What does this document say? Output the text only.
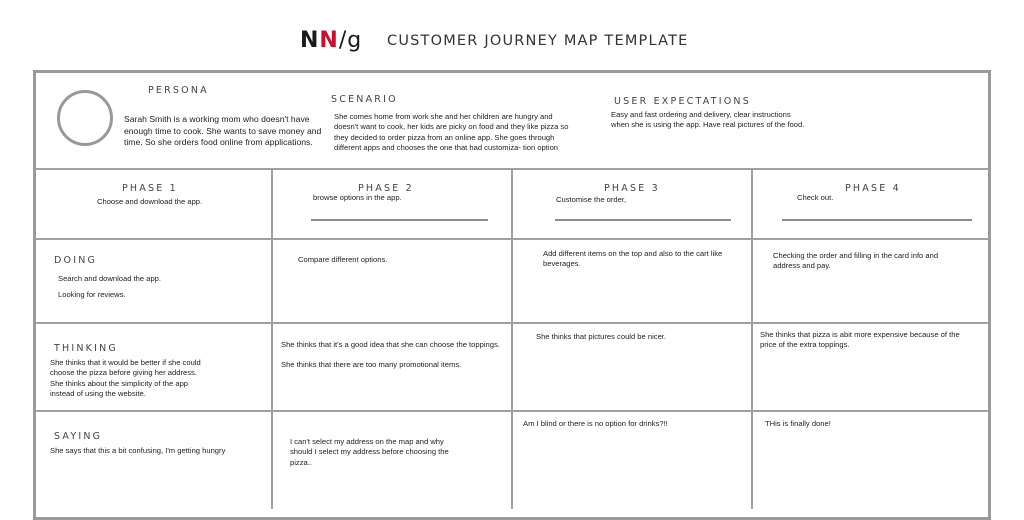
NN/g CUSTOMER JOURNEY MAP TEMPLATE
PERSONA
Sarah Smith is a working mom who doesn't have enough time to cook. She wants to save money and time. So she orders food online from applications.
SCENARIO
She comes home from work she and her children are hungry and doesn't want to cook, her kids are picky on food and they like pizza so they decided to order pizza from an online app. She goes through different apps and chooses the one that had customiza- tion option
USER EXPECTATIONS
Easy and fast ordering and delivery, clear instructions when she is using the app. Have real pictures of the food.
PHASE 1
Choose and download the app.
PHASE 2
browse options in the app.
PHASE 3
Customise the order,
PHASE 4
Check out.
DOING
Search and download the app.
Looking for reviews.
Compare different options.
Add different items on the top and also to the cart like beverages.
Checking the order and filling in the card info and address and pay.
THINKING
She thinks that it would be better if she could choose the pizza before giving her address.
She thinks about the simplicity of the app instead of using the website.
She thinks that it's a good idea that she can choose the toppings.
She thinks that there are too many promotional items.
She thinks that pictures could be nicer.	She thinks that pizza is abit more expensive because of the price of the extra toppings.
SAYING
She says that this a bit confusing, I'm getting hungry
I can't select my address on the map and why should I select my address before choosing the pizza..
Am I blind or there is no option for drinks?!!	THis is finally done!
